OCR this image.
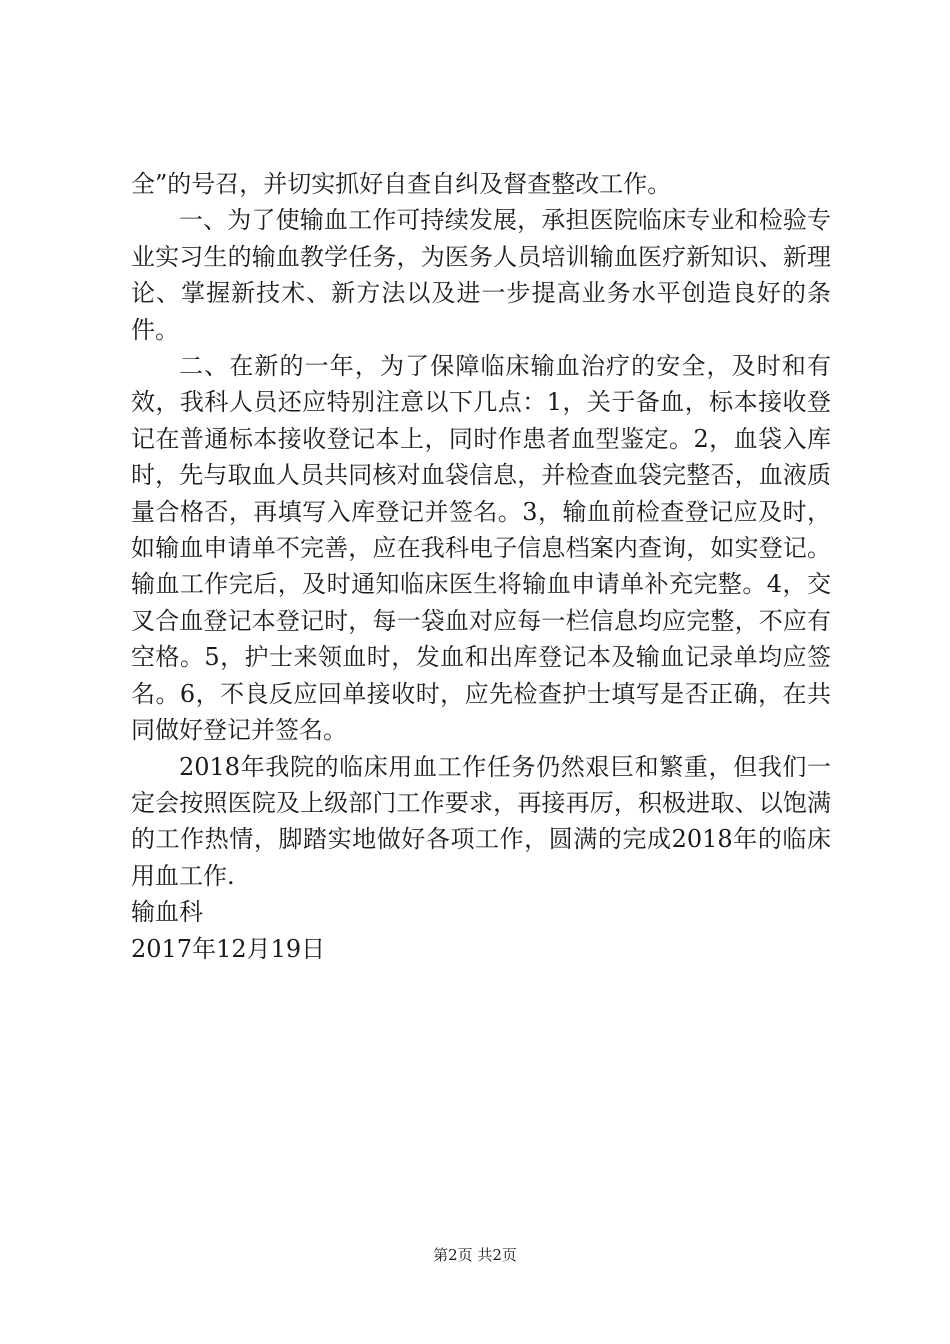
全”的号召，并切实抓好自查自纠及督查整改工作。

一、为了使输血工作可持续发展，承担医院临床专业和检验专业实习生的输血教学任务，为医务人员培训输血医疗新知识、新理论、掌握新技术、新方法以及进一步提高业务水平创造良好的条件。

二、在新的一年，为了保障临床输血治疗的安全，及时和有效，我科人员还应特别注意以下几点：1，关于备血，标本接收登记在普通标本接收登记本上，同时作患者血型鉴定。2，血袋入库时，先与取血人员共同核对血袋信息，并检查血袋完整否，血液质量合格否，再填写入库登记并签名。3，输血前检查登记应及时，如输血申请单不完善，应在我科电子信息档案内查询，如实登记。输血工作完后，及时通知临床医生将输血申请单补充完整。4，交叉合血登记本登记时，每一袋血对应每一栏信息均应完整，不应有空格。5，护士来领血时，发血和出库登记本及输血记录单均应签名。6，不良反应回单接收时，应先检查护士填写是否正确，在共同做好登记并签名。

2018年我院的临床用血工作任务仍然艰巨和繁重，但我们一定会按照医院及上级部门工作要求，再接再厉，积极进取、以饱满的工作热情，脚踏实地做好各项工作，圆满的完成2018年的临床用血工作.

输血科

2017年12月19日

第2页 共2页
